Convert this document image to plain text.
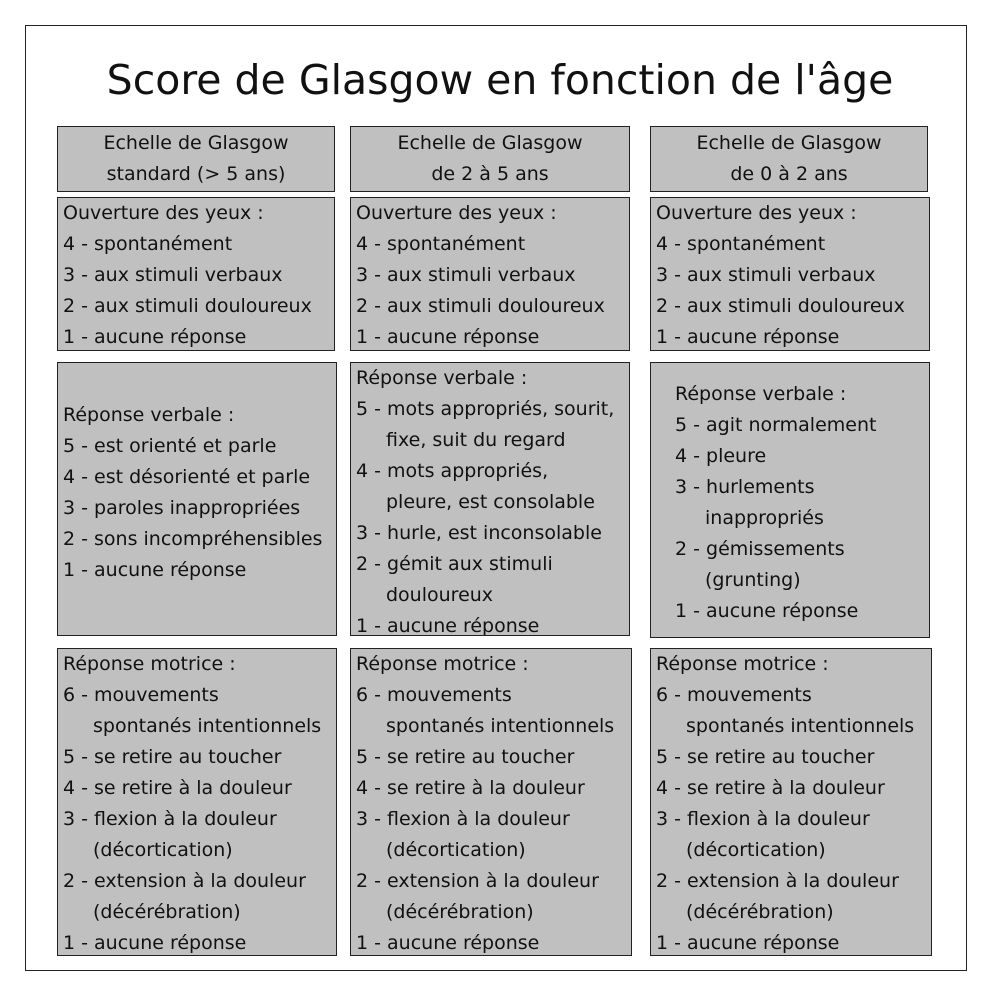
Score de Glasgow en fonction de l'âge
Echelle de Glasgow
standard (> 5 ans)
Ouverture des yeux :
4 - spontanément
3 - aux stimuli verbaux
2 - aux stimuli douloureux
1 - aucune réponse
Réponse verbale :
5 - est orienté et parle
4 - est désorienté et parle
3 - paroles inappropriées
2 - sons incompréhensibles
1 - aucune réponse
Réponse motrice :
6 - mouvements
spontanés intentionnels
5 - se retire au toucher
4 - se retire à la douleur
3 - flexion à la douleur
(décortication)
2 - extension à la douleur
(décérébration)
1 - aucune réponse
Echelle de Glasgow
de 2 à 5 ans
Ouverture des yeux :
4 - spontanément
3 - aux stimuli verbaux
2 - aux stimuli douloureux
1 - aucune réponse
Réponse verbale :
5 - mots appropriés, sourit,
fixe, suit du regard
4 - mots appropriés,
pleure, est consolable
3 - hurle, est inconsolable
2 - gémit aux stimuli
douloureux
1 - aucune réponse
Réponse motrice :
6 - mouvements
spontanés intentionnels
5 - se retire au toucher
4 - se retire à la douleur
3 - flexion à la douleur
(décortication)
2 - extension à la douleur
(décérébration)
1 - aucune réponse
Echelle de Glasgow
de 0 à 2 ans
Ouverture des yeux :
4 - spontanément
3 - aux stimuli verbaux
2 - aux stimuli douloureux
1 - aucune réponse
Réponse verbale :
5 - agit normalement
4 - pleure
3 - hurlements
inappropriés
2 - gémissements
(grunting)
1 - aucune réponse
Réponse motrice :
6 - mouvements
spontanés intentionnels
5 - se retire au toucher
4 - se retire à la douleur
3 - flexion à la douleur
(décortication)
2 - extension à la douleur
(décérébration)
1 - aucune réponse
